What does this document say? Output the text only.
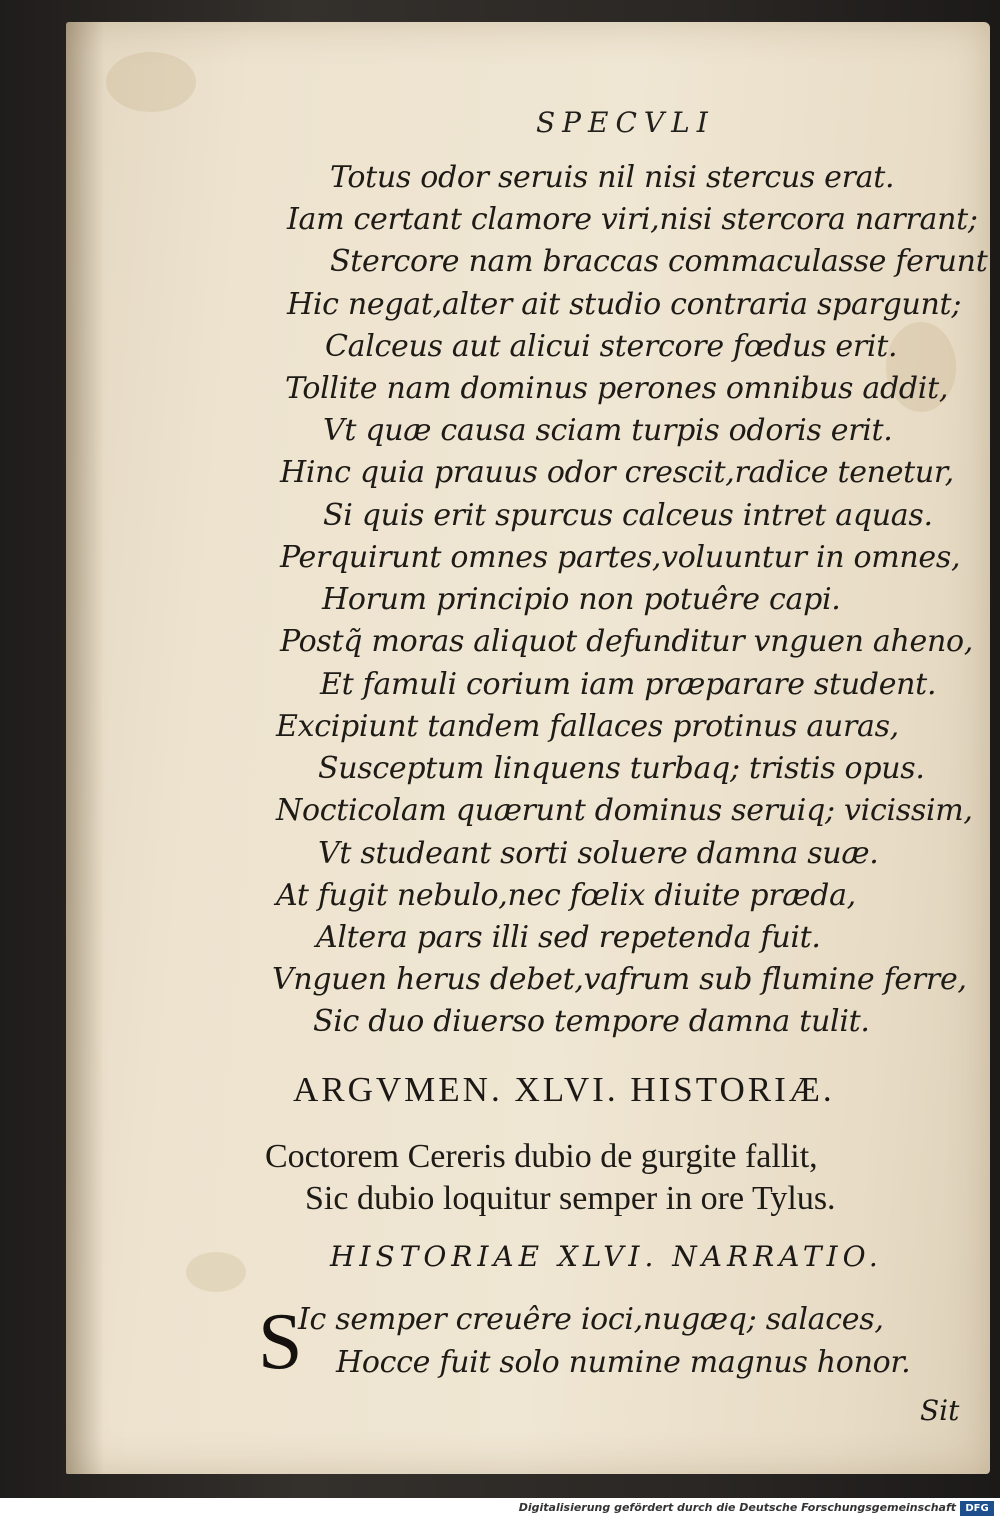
SPECVLI
Totus odor seruis nil nisi stercus erat.
Iam certant clamore viri,nisi stercora narrant;
Stercore nam braccas commaculasse ferunt.
Hic negat,alter ait studio contraria spargunt;
Calceus aut alicui stercore fœdus erit.
Tollite nam dominus perones omnibus addit,
Vt quæ causa sciam turpis odoris erit.
Hinc quia prauus odor crescit,radice tenetur,
Si quis erit spurcus calceus intret aquas.
Perquirunt omnes partes,voluuntur in omnes,
Horum principio non potuêre capi.
Postq̃ moras aliquot defunditur vnguen aheno,
Et famuli corium iam præparare student.
Excipiunt tandem fallaces protinus auras,
Susceptum linquens turbaq; tristis opus.
Nocticolam quærunt dominus seruiq; vicissim,
Vt studeant sorti soluere damna suæ.
At fugit nebulo,nec fœlix diuite præda,
Altera pars illi sed repetenda fuit.
Vnguen herus debet,vafrum sub flumine ferre,
Sic duo diuerso tempore damna tulit.
ARGVMEN. XLVI. HISTORIÆ.
Coctorem Cereris dubio de gurgite fallit,
Sic dubio loquitur semper in ore Tylus.
HISTORIAE XLVI. NARRATIO.
S
Ic semper creuêre ioci,nugæq; salaces,
Hocce fuit solo numine magnus honor.
Sit
Digitalisierung gefördert durch die Deutsche Forschungsgemeinschaft DFG
